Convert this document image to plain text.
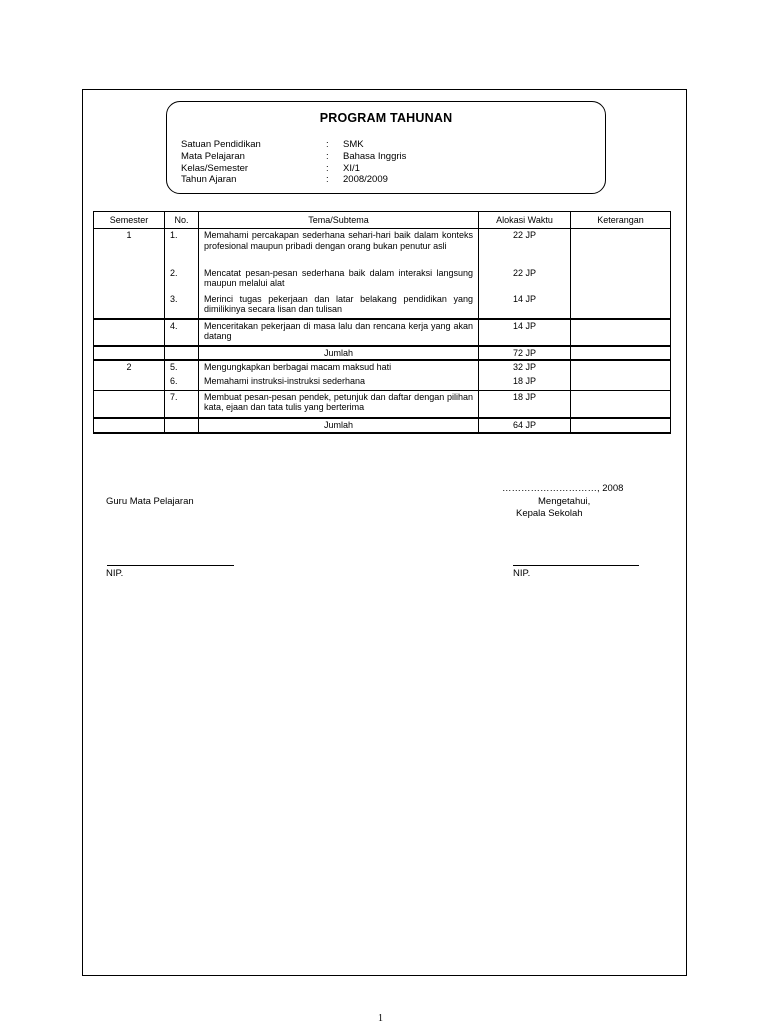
PROGRAM TAHUNAN
Satuan Pendidikan	: SMK
Mata Pelajaran	: Bahasa Inggris
Kelas/Semester	: XI/1
Tahun Ajaran	: 2008/2009
Semester	No.	Tema/Subtema	Alokasi Waktu	Keterangan
1	1.	Memahami percakapan sederhana sehari-hari baik dalam konteks profesional maupun pribadi dengan orang bukan penutur asli	22 JP	
	2.	Mencatat pesan-pesan sederhana baik dalam interaksi langsung maupun melalui alat	22 JP	
	3.	Merinci tugas pekerjaan dan latar belakang pendidikan yang dimilikinya secara lisan dan tulisan	14 JP	
	4.	Menceritakan pekerjaan di masa lalu dan rencana kerja yang akan datang	14 JP	
		Jumlah	72 JP	
2	5.	Mengungkapkan berbagai macam maksud hati	32 JP	
	6.	Memahami instruksi-instruksi sederhana	18 JP	
	7.	Membuat pesan-pesan pendek, petunjuk dan daftar dengan pilihan kata, ejaan dan tata tulis yang berterima	18 JP	
		Jumlah	64 JP	
…………………………, 2008
Guru Mata Pelajaran	Mengetahui,
Kepala Sekolah
NIP.	NIP.
1
